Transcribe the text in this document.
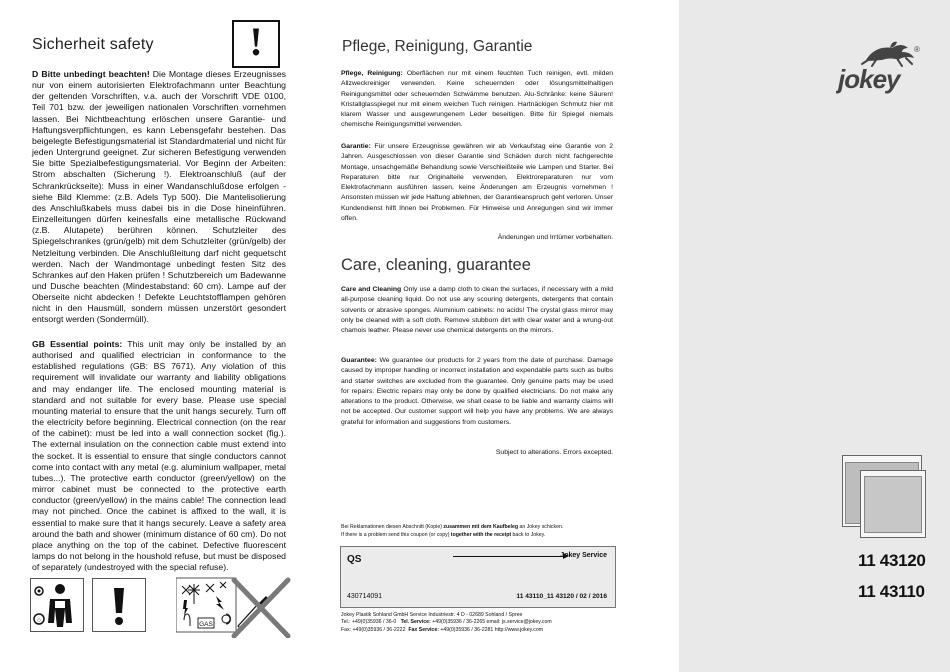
Sicherheit safety	!
D Bitte unbedingt beachten! Die Montage dieses Erzeugnisses nur von einem autorisierten Elektrofachmann unter Beachtung der geltenden Vorschriften, v.a. auch der Vorschrift VDE 0100, Teil 701 bzw. der jeweiligen nationalen Vorschriften vornehmen lassen. Bei Nichtbeachtung erlöschen unsere Garantie- und Haftungsverpflichtungen, es kann Lebensgefahr bestehen. Das beigelegte Befestigungsmaterial ist Standardmaterial und nicht für jeden Untergrund geeignet. Zur sicheren Befestigung verwenden Sie bitte Spezialbefestigungsmaterial. Vor Beginn der Arbeiten: Strom abschalten (Sicherung !). Elektroanschluß (auf der Schrankrückseite): Muss in einer Wandanschlußdose erfolgen - siehe Bild Klemme: (z.B. Adels Typ 500). Die Mantelisolierung des Anschlußkabels muss dabei bis in die Dose hineinführen. Einzelleitungen dürfen keinesfalls eine metallische Rückwand (z.B. Alutapete) berühren können. Schutzleiter des Spiegelschrankes (grün/gelb) mit dem Schutzleiter (grün/gelb) der Netzleitung verbinden. Die Anschlußleitung darf nicht gequetscht werden. Nach der Wandmontage unbedingt festen Sitz des Schrankes auf den Haken prüfen ! Schutzbereich um Badewanne und Dusche beachten (Mindestabstand: 60 cm). Lampe auf der Oberseite nicht abdecken ! Defekte Leuchtstofflampen gehören nicht in den Hausmüll, sondern müssen unzerstört gesondert entsorgt werden (Sondermüll).
GB Essential points: This unit may only be installed by an authorised and qualified electrician in conformance to the established regulations (GB: BS 7671). Any violation of this requirement will invalidate our warranty and liability obligations and may endanger life. The enclosed mounting material is standard and not suitable for every base. Please use special mounting material to ensure that the unit hangs securely. Turn off the electricity before beginning. Electrical connection (on the rear of the cabinet): must be led into a wall connection socket (fig.). The external insulation on the connection cable must extend into the socket. It is essential to ensure that single conductors cannot come into contact with any metal (e.g. aluminium wallpaper, metal tubes...). The protective earth conductor (green/yellow) on the mirror cabinet must be connected to the protective earth conductor (green/yellow) in the mains cable! The connection lead may not pinched. Once the cabinet is affixed to the wall, it is essential to make sure that it hangs securely. Leave a safety area around the bath and shower (minimum distance of 60 cm). Do not place anything on the top of the cabinet. Defective fluorescent lamps do not belong in the houshold refuse, but must be disposed of separately (undestroyed with the special refuse).
⌂
GAS
Pflege, Reinigung, Garantie
Pflege, Reinigung: Oberflächen nur mit einem feuchten Tuch reinigen, evtl. milden Allzweckreiniger verwenden. Keine scheuernden oder lösungsmittelhaltigen Reinigungsmittel oder scheuernden Schwämme benutzen. Alu-Schränke: keine Säuren! Kristallglasspiegel nur mit einem weichen Tuch reinigen. Hartnäckigen Schmutz hier mit klarem Wasser und ausgewrungenem Leder beseitigen. Bitte für Spiegel niemals chemische Reinigungsmittel verwenden.
Garantie: Für unsere Erzeugnisse gewähren wir ab Verkaufstag eine Garantie von 2 Jahren. Ausgeschlossen von dieser Garantie sind Schäden durch nicht fachgerechte Montage, unsachgemäße Behandlung sowie Verschleißteile wie Lampen und Starter. Bei Reparaturen bitte nur Originalteile verwenden, Elektroreparaturen nur vom Elektrofachmann ausführen lassen, keine Änderungen am Erzeugnis vornehmen ! Ansonsten müssen wir jede Haftung ablehnen, der Garantieanspruch geht verloren. Unser Kundendienst hilft Ihnen bei Problemen. Für Hinweise und Anregungen sind wir immer offen.
Änderungen und Irrtümer vorbehalten.
Care, cleaning, guarantee
Care and Cleaning Only use a damp cloth to clean the surfaces, if necessary with a mild all-purpose cleaning liquid. Do not use any scouring detergents, detergents that contain solvents or abrasive sponges. Aluminium cabinets: no acids! The crystal glass mirror may only be cleaned with a soft cloth. Remove stubborn dirt with clear water and a wrung-out chamois leather. Please never use chemical detergents on the mirrors.
Guarantee: We guarantee our products for 2 years from the date of purchase. Damage caused by improper handling or incorrect installation and expendable parts such as bulbs and starter switches are excluded from the guarantee. Only genuine parts may be used for repairs. Electric repairs may only be done by qualified electricians. Do not make any alterations to the product. Otherwise, we shall cease to be liable and warranty claims will not be accepted. Our customer support will help you have any problems. We are always grateful for information and suggestions from customers.
Subject to alterations. Errors excepted.
Bei Reklamationen diesen Abschnitt (Kopie) zusammen mit dem Kaufbeleg an Jokey schicken.
If there is a problem send this coupon (or copy) together with the receipt back to Jokey.
QS	Jokey Service
430714091	11 43110_11 43120 / 02 / 2016
Jokey Plastik Sohland GmbH Service Industriestr. 4 D - 02689 Sohland / Spree
Tel.: +49(0)35936 / 36-0 Tel. Service: +49(0)35936 / 36-2265 email: js.service@jokey.com
Fax: +49(0)35936 / 36-2222 Fax Service: +49(0)35936 / 36-2281 http://www.jokey.com
jokey
®
11 43120
11 43110
